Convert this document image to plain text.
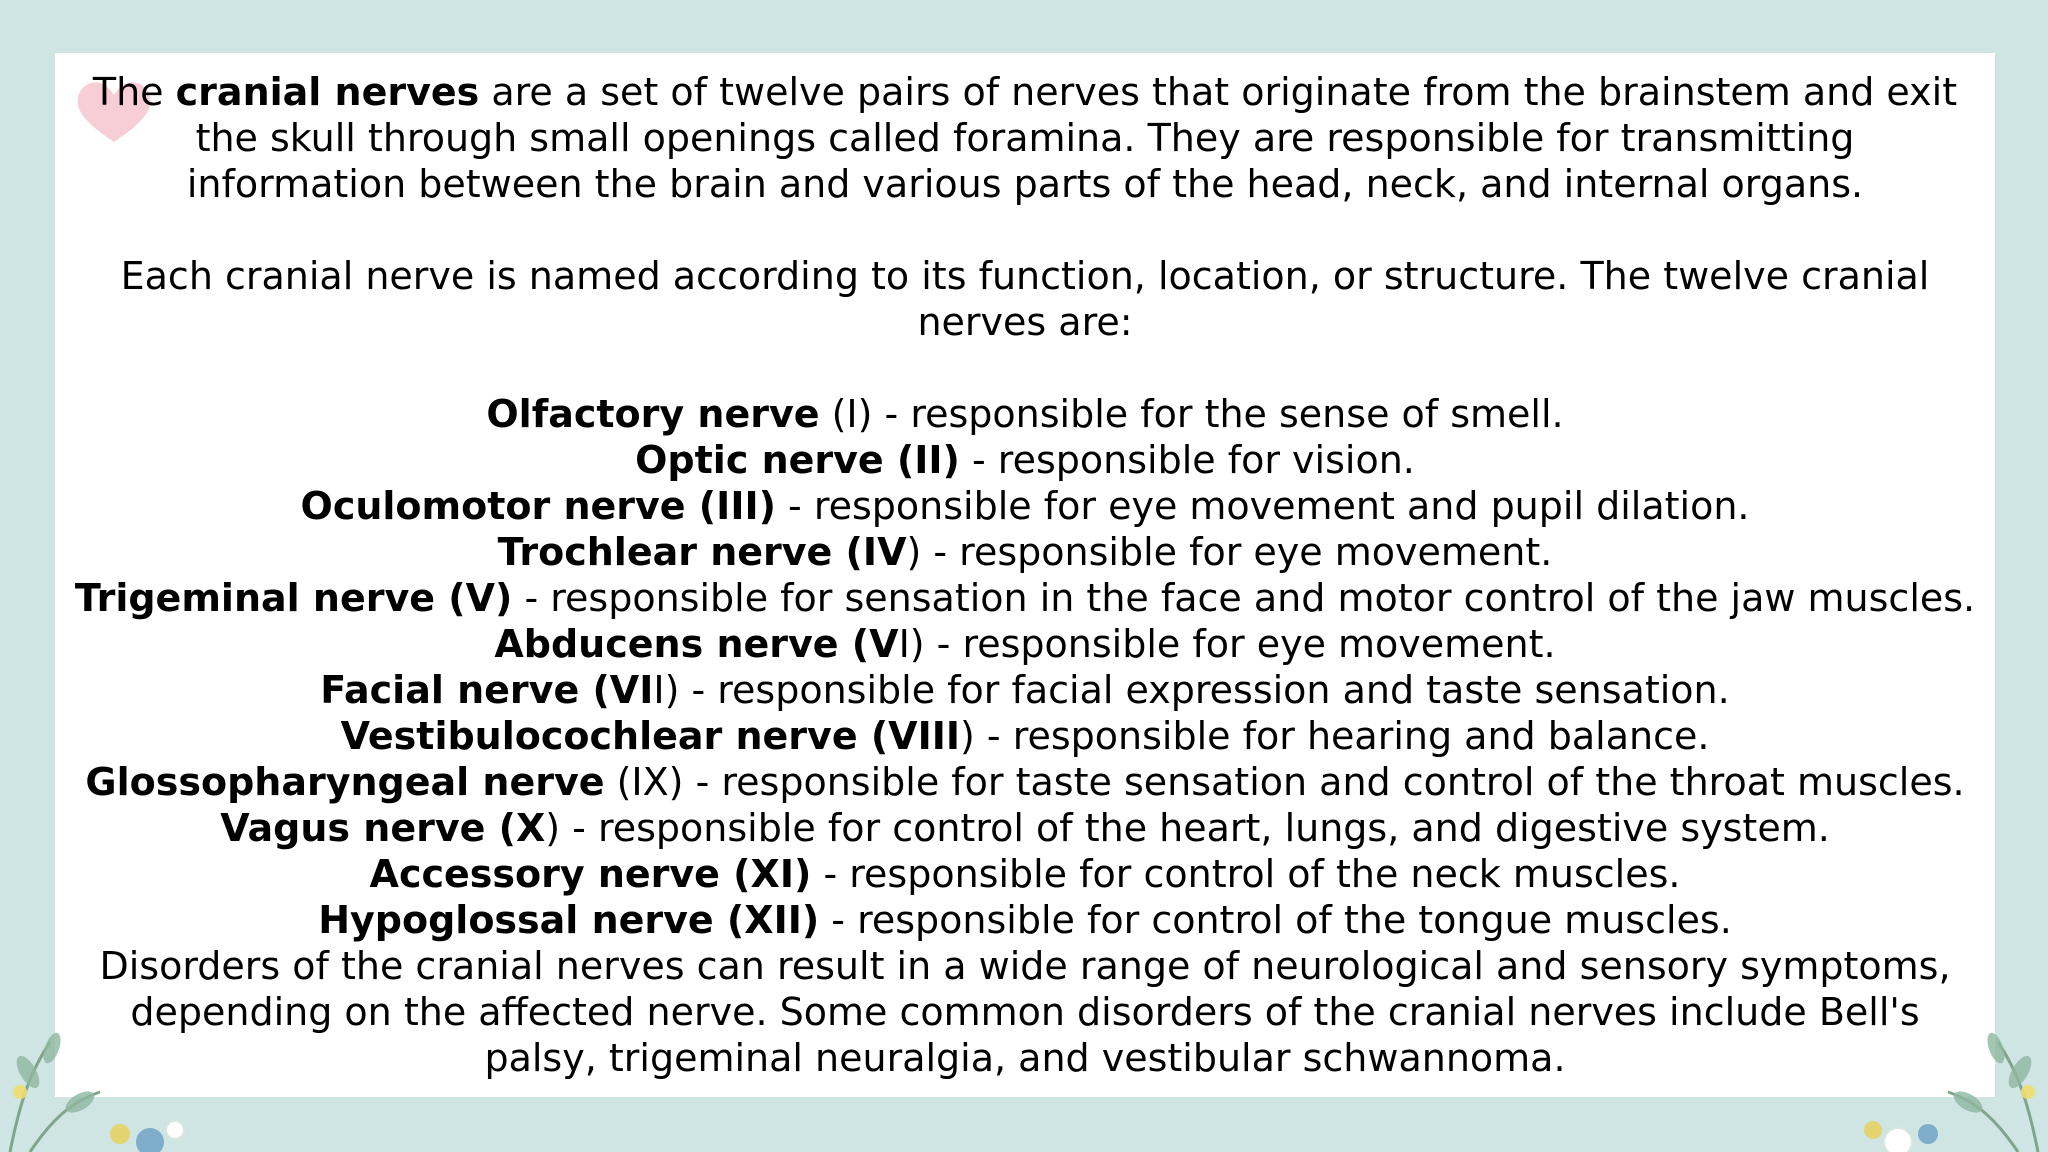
The cranial nerves are a set of twelve pairs of nerves that originate from the brainstem and exit the skull through small openings called foramina. They are responsible for transmitting information between the brain and various parts of the head, neck, and internal organs.

Each cranial nerve is named according to its function, location, or structure. The twelve cranial nerves are:

Olfactory nerve (I) - responsible for the sense of smell.
Optic nerve (II) - responsible for vision.
Oculomotor nerve (III) - responsible for eye movement and pupil dilation.
Trochlear nerve (IV) - responsible for eye movement.
Trigeminal nerve (V) - responsible for sensation in the face and motor control of the jaw muscles.
Abducens nerve (VI) - responsible for eye movement.
Facial nerve (VII) - responsible for facial expression and taste sensation.
Vestibulocochlear nerve (VIII) - responsible for hearing and balance.
Glossopharyngeal nerve (IX) - responsible for taste sensation and control of the throat muscles.
Vagus nerve (X) - responsible for control of the heart, lungs, and digestive system.
Accessory nerve (XI) - responsible for control of the neck muscles.
Hypoglossal nerve (XII) - responsible for control of the tongue muscles.

Disorders of the cranial nerves can result in a wide range of neurological and sensory symptoms, depending on the affected nerve. Some common disorders of the cranial nerves include Bell's palsy, trigeminal neuralgia, and vestibular schwannoma.
